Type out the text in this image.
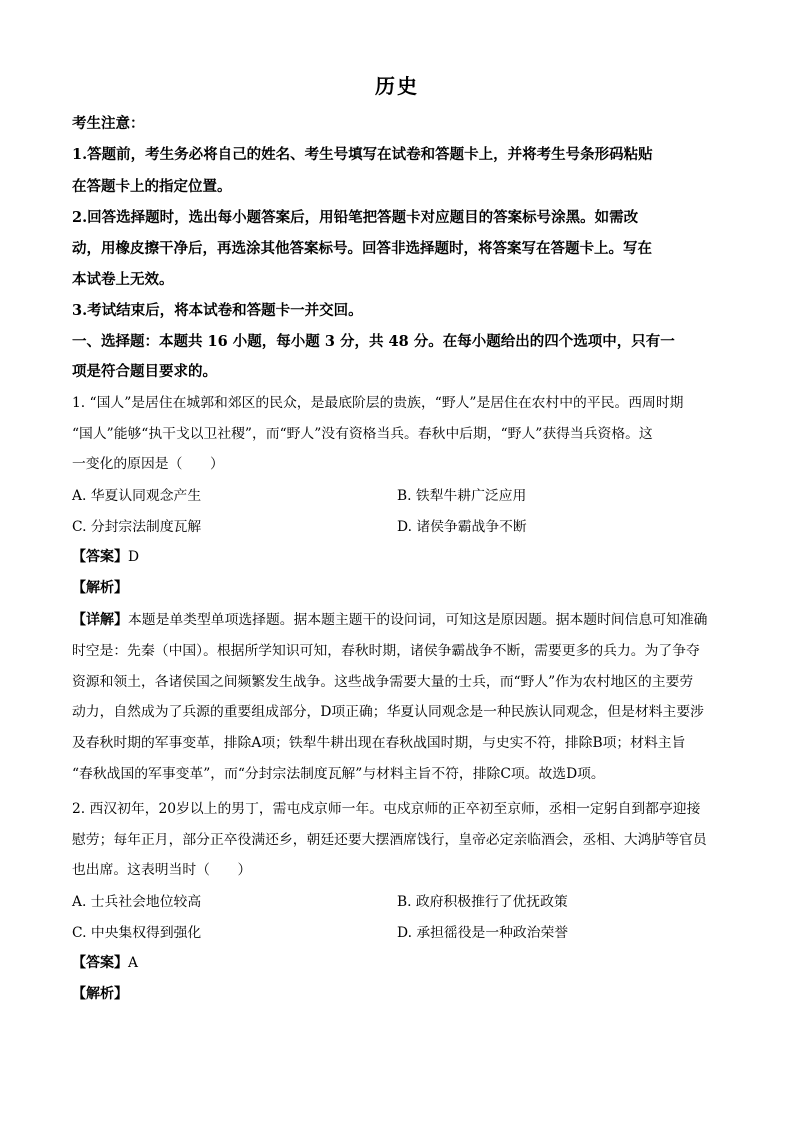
历史
考生注意：
1.答题前，考生务必将自己的姓名、考生号填写在试卷和答题卡上，并将考生号条形码粘贴
在答题卡上的指定位置。
2.回答选择题时，选出每小题答案后，用铅笔把答题卡对应题目的答案标号涂黑。如需改
动，用橡皮擦干净后，再选涂其他答案标号。回答非选择题时，将答案写在答题卡上。写在
本试卷上无效。
3.考试结束后，将本试卷和答题卡一并交回。
一、选择题：本题共 16 小题，每小题 3 分，共 48 分。在每小题给出的四个选项中，只有一
项是符合题目要求的。
1. “国人”是居住在城郭和郊区的民众，是最底阶层的贵族，“野人”是居住在农村中的平民。西周时期
“国人”能够“执干戈以卫社稷”，而“野人”没有资格当兵。春秋中后期，“野人”获得当兵资格。这
一变化的原因是（　　）
A. 华夏认同观念产生	B. 铁犁牛耕广泛应用
C. 分封宗法制度瓦解	D. 诸侯争霸战争不断
【答案】D
【解析】
【详解】本题是单类型单项选择题。据本题主题干的设问词，可知这是原因题。据本题时间信息可知准确
时空是：先秦（中国）。根据所学知识可知，春秋时期，诸侯争霸战争不断，需要更多的兵力。为了争夺
资源和领土，各诸侯国之间频繁发生战争。这些战争需要大量的士兵，而“野人”作为农村地区的主要劳
动力，自然成为了兵源的重要组成部分，D项正确；华夏认同观念是一种民族认同观念，但是材料主要涉
及春秋时期的军事变革，排除A项；铁犁牛耕出现在春秋战国时期，与史实不符，排除B项；材料主旨
“春秋战国的军事变革”，而“分封宗法制度瓦解”与材料主旨不符，排除C项。故选D项。
2. 西汉初年，20岁以上的男丁，需屯戍京师一年。屯戍京师的正卒初至京师，丞相一定躬自到都亭迎接
慰劳；每年正月，部分正卒役满还乡，朝廷还要大摆酒席饯行，皇帝必定亲临酒会，丞相、大鸿胪等官员
也出席。这表明当时（　　）
A. 士兵社会地位较高	B. 政府积极推行了优抚政策
C. 中央集权得到强化	D. 承担徭役是一种政治荣誉
【答案】A
【解析】
